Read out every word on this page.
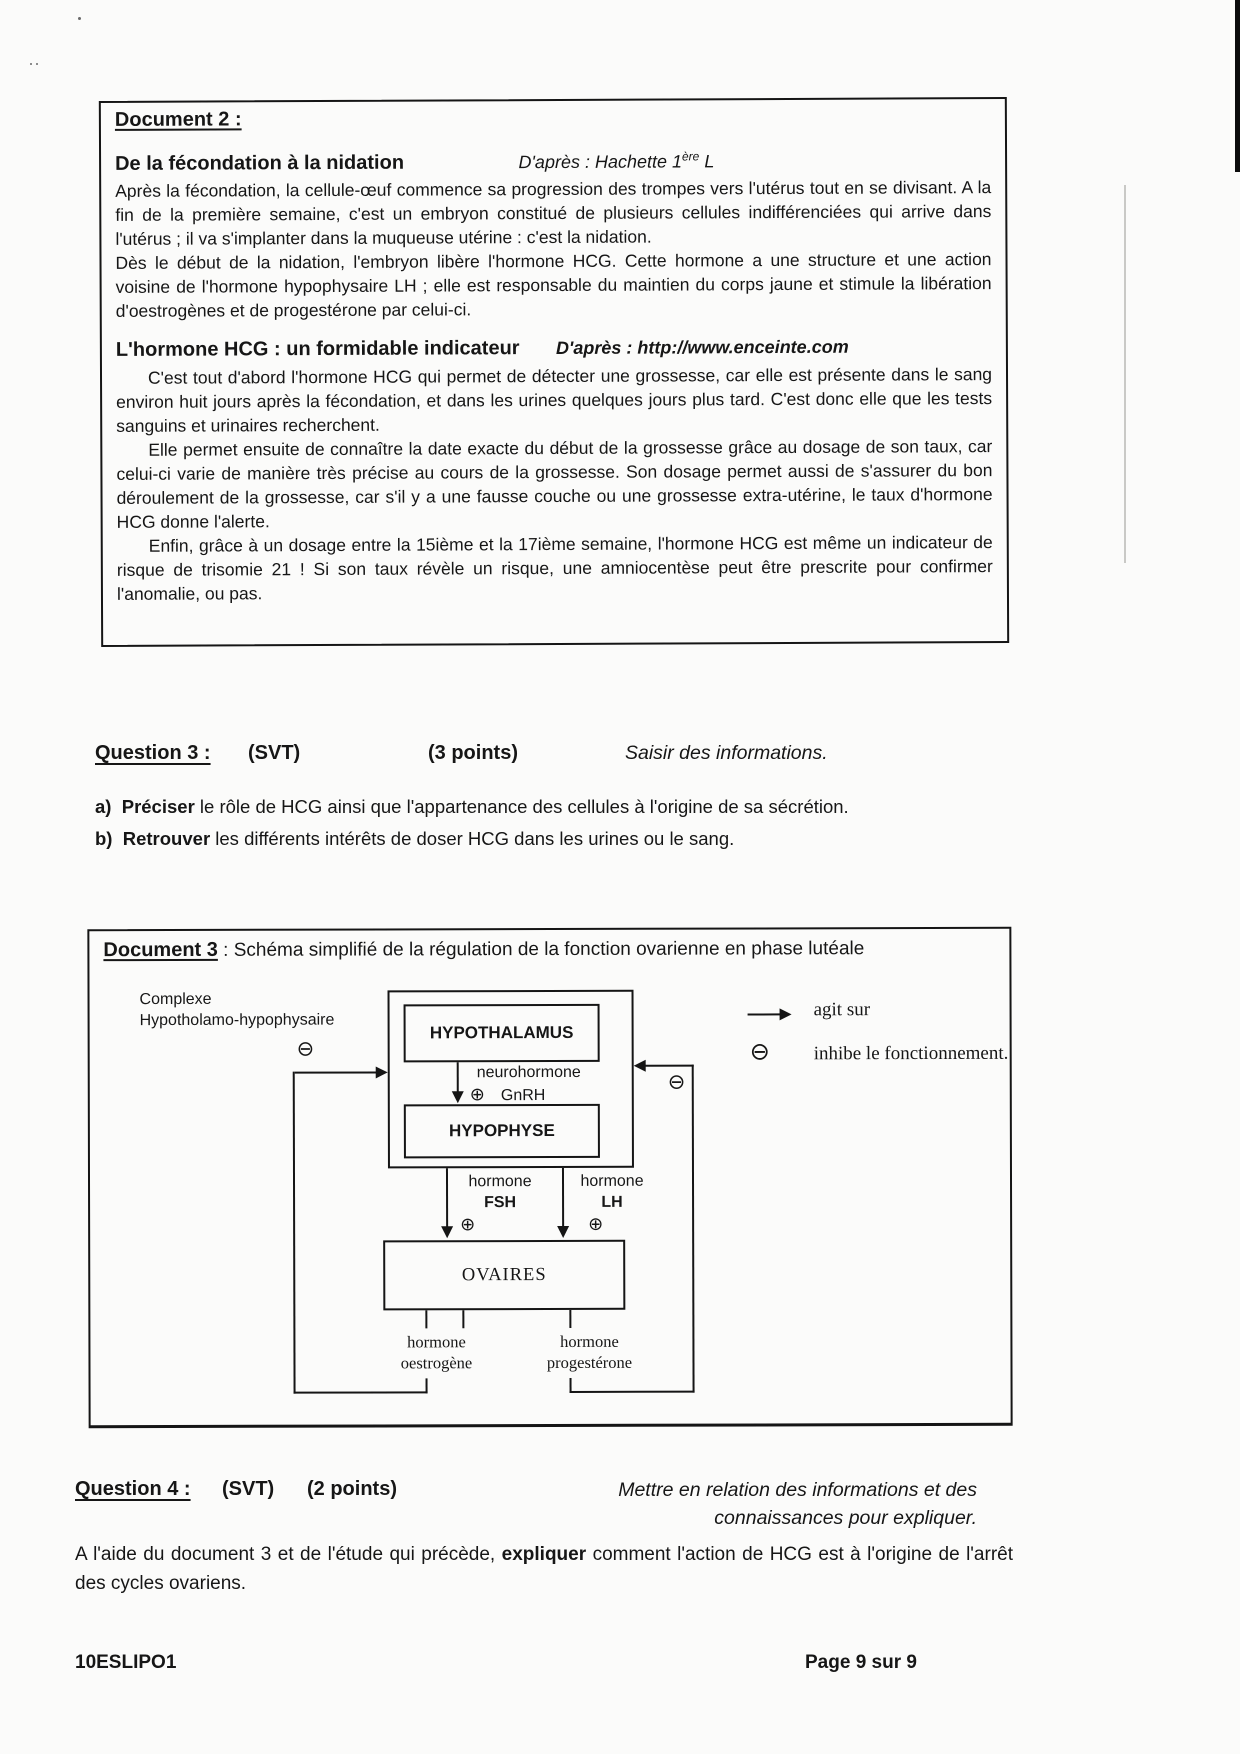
Document 2 :
De la fécondation à la nidation	D'après : Hachette 1ère L

Après la fécondation, la cellule-œuf commence sa progression des trompes vers l'utérus tout en se divisant. A la fin de la première semaine, c'est un embryon constitué de plusieurs cellules indifférenciées qui arrive dans l'utérus ; il va s'implanter dans la muqueuse utérine : c'est la nidation.

Dès le début de la nidation, l'embryon libère l'hormone HCG. Cette hormone a une structure et une action voisine de l'hormone hypophysaire LH ; elle est responsable du maintien du corps jaune et stimule la libération d'oestrogènes et de progestérone par celui-ci.

L'hormone HCG : un formidable indicateur D'après : http://www.enceinte.com

C'est tout d'abord l'hormone HCG qui permet de détecter une grossesse, car elle est présente dans le sang environ huit jours après la fécondation, et dans les urines quelques jours plus tard. C'est donc elle que les tests sanguins et urinaires recherchent.

Elle permet ensuite de connaître la date exacte du début de la grossesse grâce au dosage de son taux, car celui-ci varie de manière très précise au cours de la grossesse. Son dosage permet aussi de s'assurer du bon déroulement de la grossesse, car s'il y a une fausse couche ou une grossesse extra-utérine, le taux d'hormone HCG donne l'alerte.

Enfin, grâce à un dosage entre la 15ième et la 17ième semaine, l'hormone HCG est même un indicateur de risque de trisomie 21 ! Si son taux révèle un risque, une amniocentèse peut être prescrite pour confirmer l'anomalie, ou pas.

Question 3 : (SVT)	(3 points)	Saisir des informations.

a) Préciser le rôle de HCG ainsi que l'appartenance des cellules à l'origine de sa sécrétion.

b) Retrouver les différents intérêts de doser HCG dans les urines ou le sang.

Document 3 : Schéma simplifié de la régulation de la fonction ovarienne en phase lutéale
Complexe
Hypotholamo-hypophysaire
⊖
HYPOTHALAMUS
neurohormone
⊕ GnRH
HYPOPHYSE
⊖
hormone
FSH
hormone
LH
⊕	⊕
OVAIRES
hormone
oestrogène
hormone
progestérone
agit sur
⊖ inhibe le fonctionnement.
Question 4 : (SVT) (2 points)	Mettre en relation des informations et des
connaissances pour expliquer.
A l'aide du document 3 et de l'étude qui précède, expliquer comment l'action de HCG est à l'origine de l'arrêt des cycles ovariens.
10ESLIPO1	Page 9 sur 9
